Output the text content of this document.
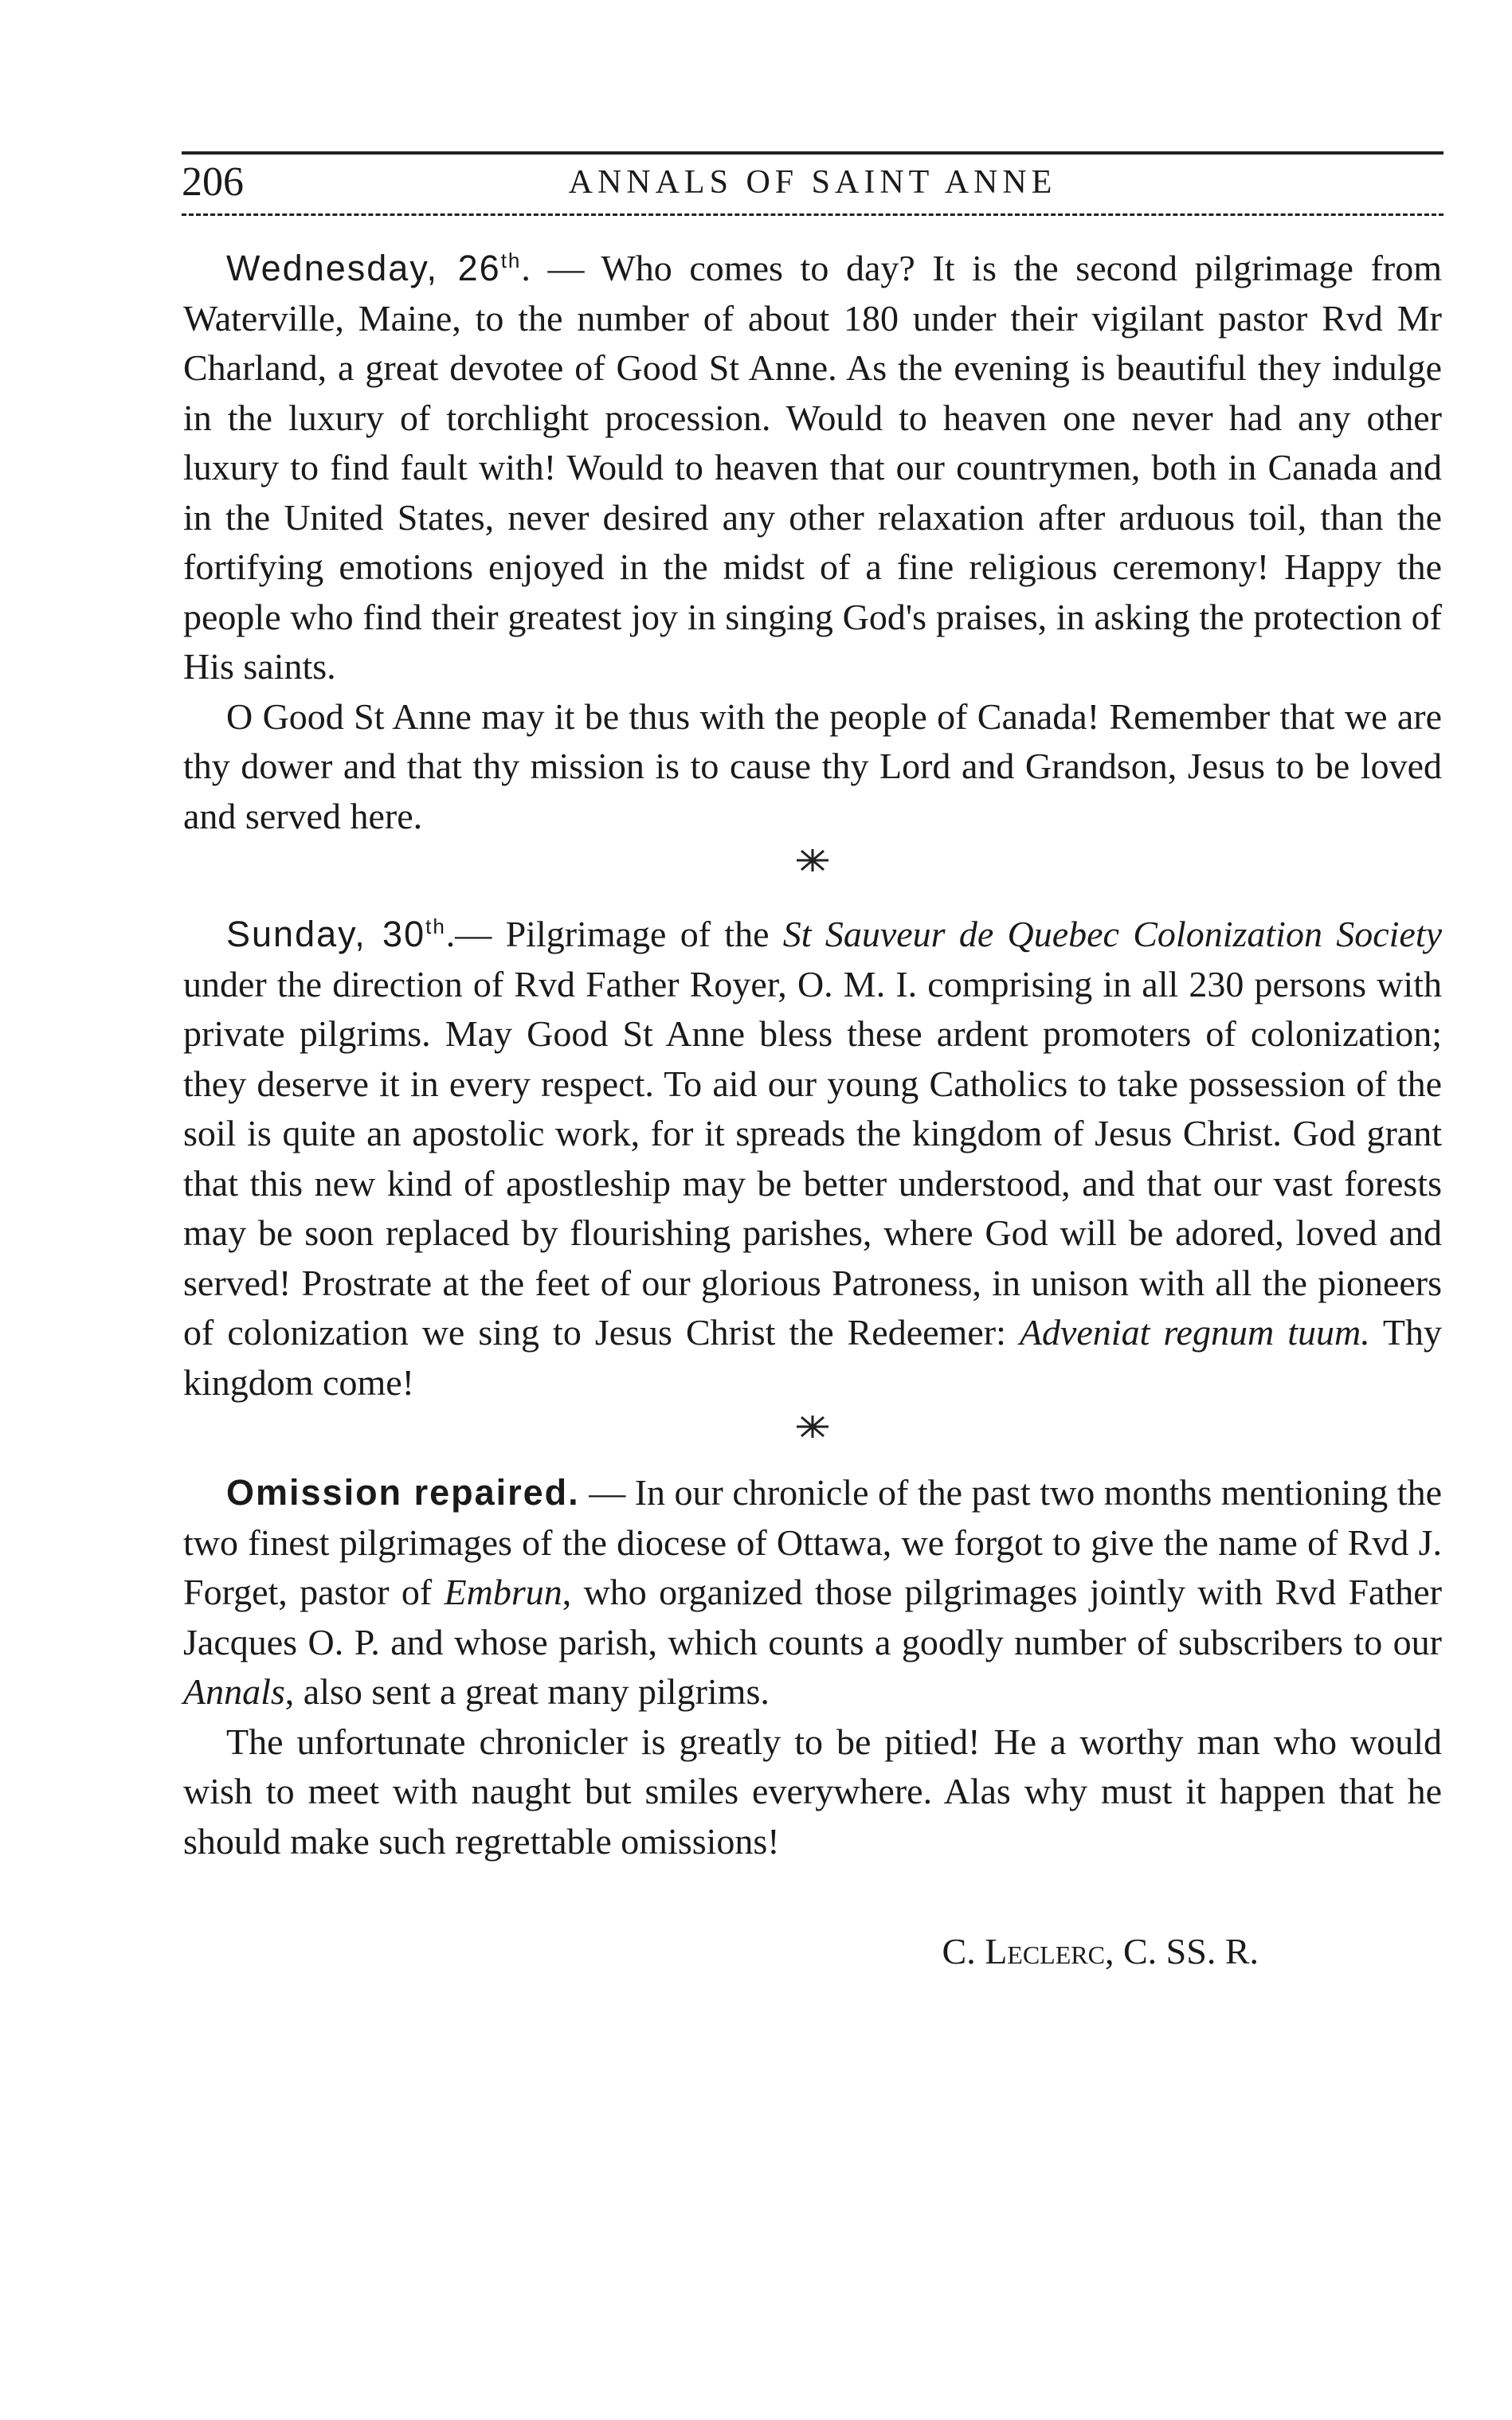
206	ANNALS OF SAINT ANNE

Wednesday, 26th. — Who comes to day? It is the second pilgrimage from Waterville, Maine, to the number of about 180 under their vigilant pastor Rvd Mr Charland, a great devotee of Good St Anne. As the evening is beautiful they indulge in the luxury of torchlight procession. Would to heaven one never had any other luxury to find fault with! Would to heaven that our countrymen, both in Canada and in the United States, never desired any other relaxation after arduous toil, than the fortifying emotions enjoyed in the midst of a fine religious ceremony! Happy the people who find their greatest joy in singing God's praises, in asking the protection of His saints.

O Good St Anne may it be thus with the people of Canada! Remember that we are thy dower and that thy mission is to cause thy Lord and Grandson, Jesus to be loved and served here.

Sunday, 30th.— Pilgrimage of the St Sauveur de Quebec Colonization Society under the direction of Rvd Father Royer, O. M. I. comprising in all 230 persons with private pilgrims. May Good St Anne bless these ardent promoters of colonization; they deserve it in every respect. To aid our young Catholics to take possession of the soil is quite an apostolic work, for it spreads the kingdom of Jesus Christ. God grant that this new kind of apostleship may be better understood, and that our vast forests may be soon replaced by flourishing parishes, where God will be adored, loved and served! Prostrate at the feet of our glorious Patroness, in unison with all the pioneers of colonization we sing to Jesus Christ the Redeemer: Adveniat regnum tuum. Thy kingdom come!

Omission repaired. — In our chronicle of the past two months mentioning the two finest pilgrimages of the diocese of Ottawa, we forgot to give the name of Rvd J. Forget, pastor of Embrun, who organized those pilgrimages jointly with Rvd Father Jacques O. P. and whose parish, which counts a goodly number of subscribers to our Annals, also sent a great many pilgrims.

The unfortunate chronicler is greatly to be pitied! He a worthy man who would wish to meet with naught but smiles everywhere. Alas why must it happen that he should make such regrettable omissions!

C. Leclerc, C. SS. R.
